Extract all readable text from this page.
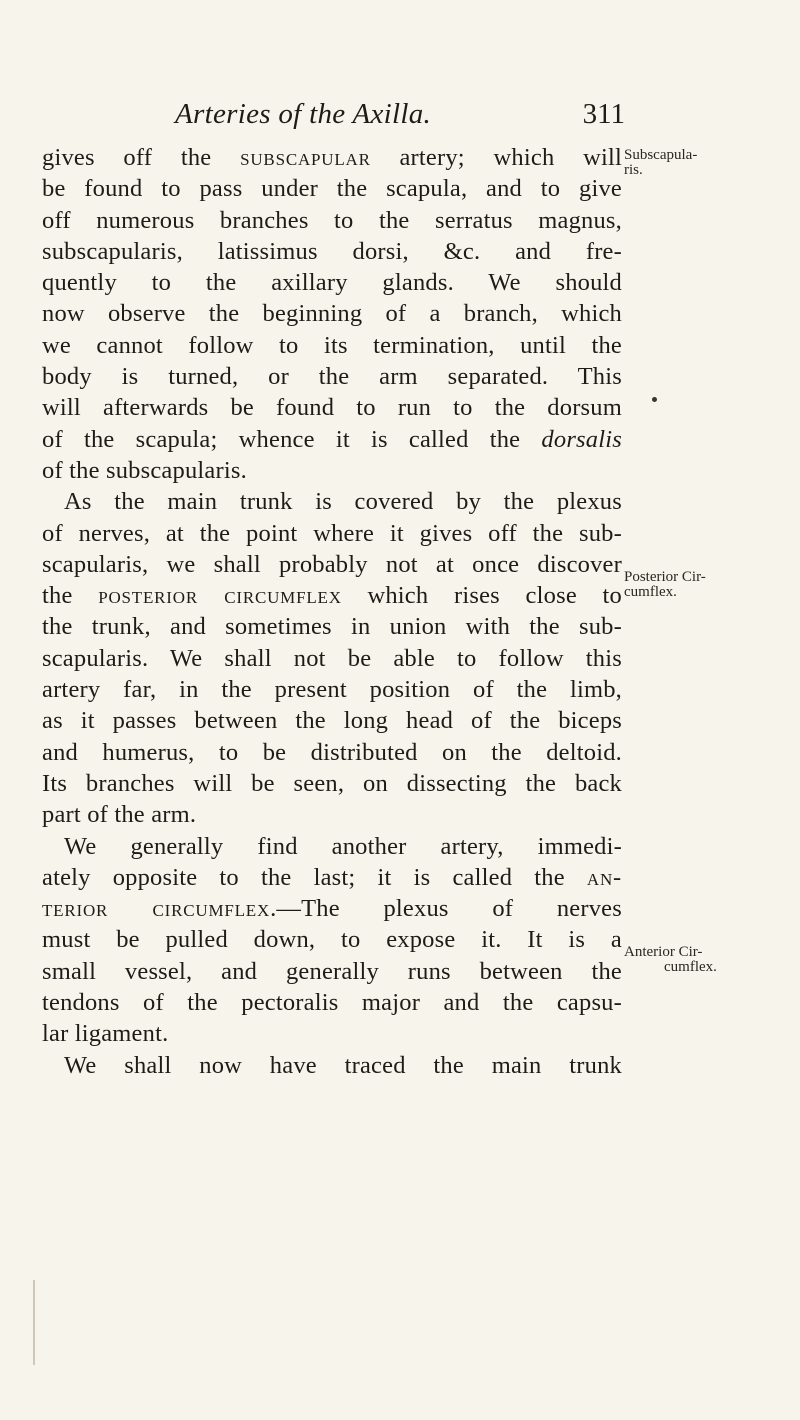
Arteries of the Axilla.	311
gives off the subscapular artery; which will
be found to pass under the scapula, and to give
off numerous branches to the serratus magnus,
subscapularis, latissimus dorsi, &c. and fre-
quently to the axillary glands. We should
now observe the beginning of a branch, which
we cannot follow to its termination, until the
body is turned, or the arm separated. This
will afterwards be found to run to the dorsum
of the scapula; whence it is called the dorsalis
of the subscapularis.
As the main trunk is covered by the plexus
of nerves, at the point where it gives off the sub-
scapularis, we shall probably not at once discover
the posterior circumflex which rises close to
the trunk, and sometimes in union with the sub-
scapularis. We shall not be able to follow this
artery far, in the present position of the limb,
as it passes between the long head of the biceps
and humerus, to be distributed on the deltoid.
Its branches will be seen, on dissecting the back
part of the arm.
We generally find another artery, immedi-
ately opposite to the last; it is called the an-
terior circumflex.—The plexus of nerves
must be pulled down, to expose it. It is a
small vessel, and generally runs between the
tendons of the pectoralis major and the capsu-
lar ligament.
We shall now have traced the main trunk
Subscapula-
ris.
Posterior Cir-
cumflex.
Anterior Cir-
cumflex.
